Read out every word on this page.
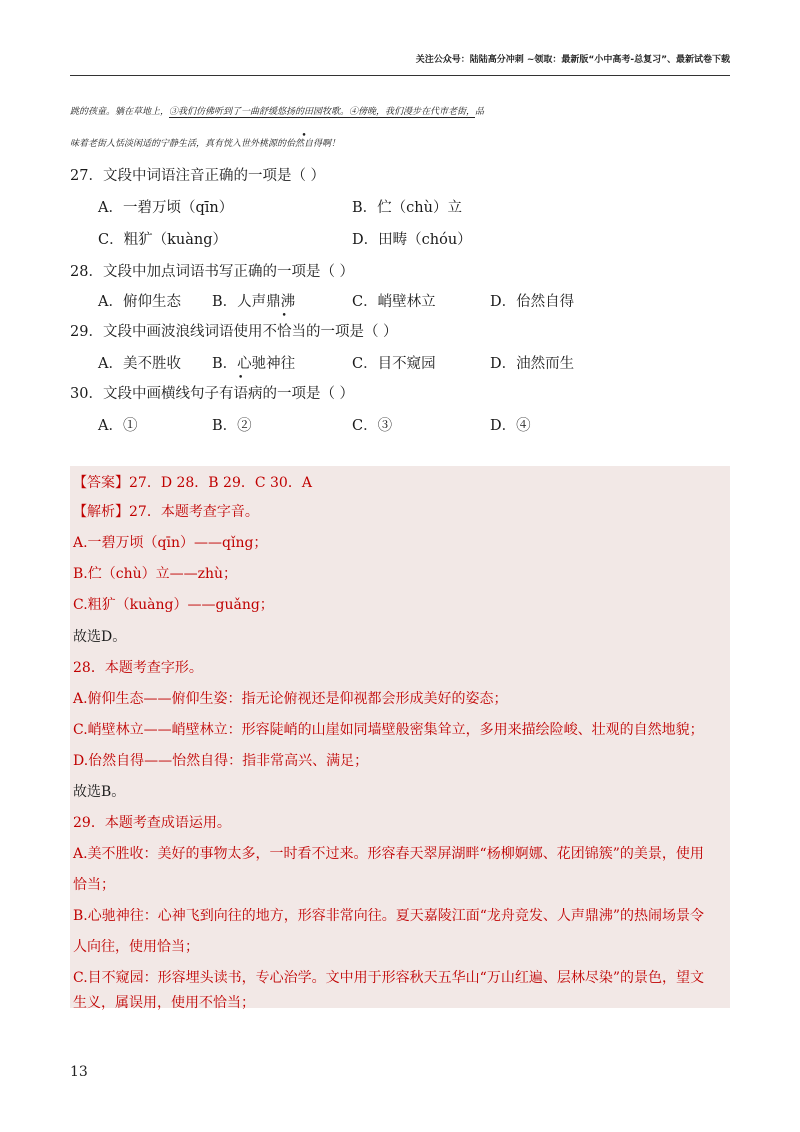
关注公众号：陆陆高分冲刺 ~领取：最新版“小中高考-总复习”、最新试卷下载
跳的孩童。躺在草地上，③我们仿佛听到了一曲舒缓悠扬的田园牧歌。④傍晚，我们漫步在代市老街，品
味着老街人恬淡闲适的宁静生活，真有恍入世外桃源的佁然自得啊！
27．文段中词语注音正确的一项是（ ）
A．一碧万顷（qīn）	B．伫（chù）立
C．粗犷（kuàng）	D．田畴（chóu）
28．文段中加点词语书写正确的一项是（ ）
A．俯仰生态 B．人声鼎沸	C．峭壁林立	D．佁然自得
29．文段中画波浪线词语使用不恰当的一项是（ ）
A．美不胜收 B．心驰神往	C．目不窥园	D．油然而生
30．文段中画横线句子有语病的一项是（ ）
A．①	B．②	C．③	D．④
【答案】27．D 28．B 29．C 30．A
【解析】27．本题考查字音。
A.一碧万顷（qīn）——qǐng；
B.伫（chù）立——zhù；
C.粗犷（kuàng）——guǎng；
故选D。
28．本题考查字形。
A.俯仰生态——俯仰生姿：指无论俯视还是仰视都会形成美好的姿态；
C.峭壁林立——峭壁林立：形容陡峭的山崖如同墙壁般密集耸立，多用来描绘险峻、壮观的自然地貌；
D.佁然自得——怡然自得：指非常高兴、满足；
故选B。
29．本题考查成语运用。
A.美不胜收：美好的事物太多，一时看不过来。形容春天翠屏湖畔“杨柳婀娜、花团锦簇”的美景，使用
恰当；
B.心驰神往：心神飞到向往的地方，形容非常向往。夏天嘉陵江面“龙舟竞发、人声鼎沸”的热闹场景令
人向往，使用恰当；
C.目不窥园：形容埋头读书，专心治学。文中用于形容秋天五华山“万山红遍、层林尽染”的景色，望文
生义，属误用，使用不恰当；
13
